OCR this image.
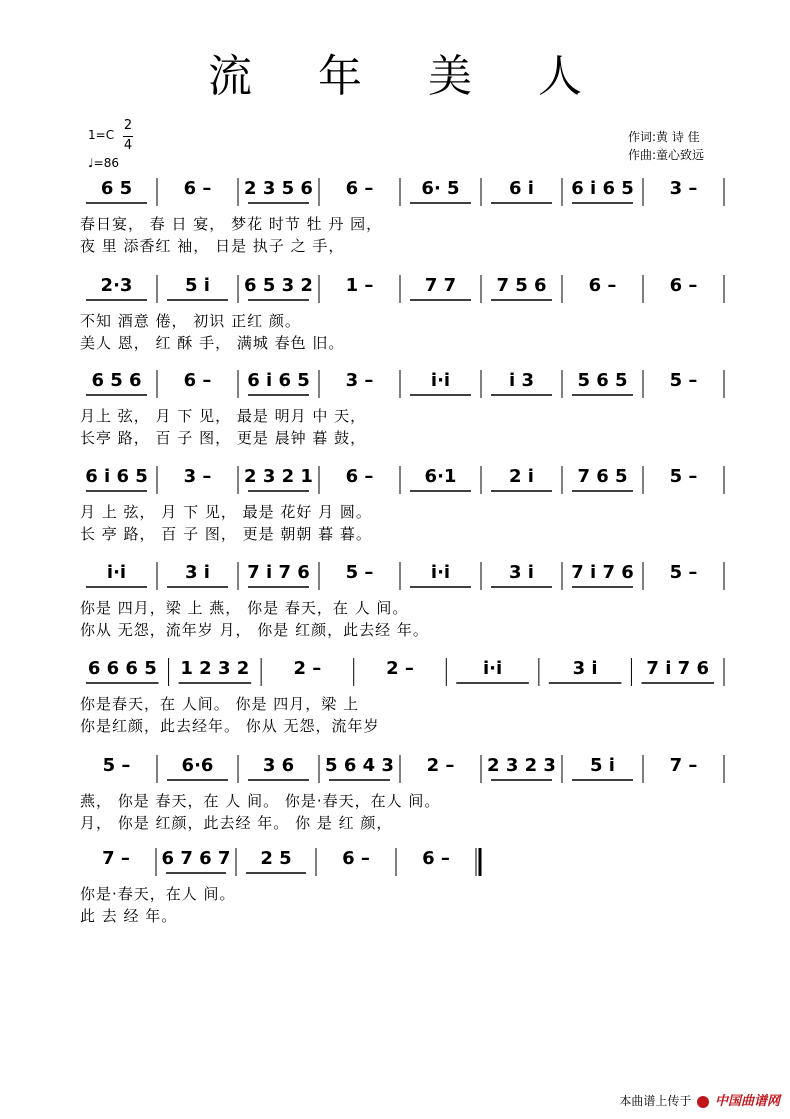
流 年 美 人
1=C
2
4
♩=86
作词:黄 诗 佳
作曲:童心致远
6 5	6 –	2 3 5 6	6 –	6· 5	6 i	6 i 6 5	3 –
春日宴， 春 日 宴， 梦花 时节 牡 丹 园，
夜 里 添香红 袖， 日是 执子 之 手，
2·3	5 i	6 5 3 2	1 –	7 7	7 5 6	6 –	6 –
不知 酒意 倦， 初识 正红 颜。
美人 恩， 红 酥 手， 满城 春色 旧。
6 5 6	6 –	6 i 6 5	3 –	i·i	i 3	5 6 5	5 –
月上 弦， 月 下 见， 最是 明月 中 天，
长亭 路， 百 子 图， 更是 晨钟 暮 鼓，
6 i 6 5	3 –	2 3 2 1	6 –	6·1	2 i	7 6 5	5 –
月 上 弦， 月 下 见， 最是 花好 月 圆。
长 亭 路， 百 子 图， 更是 朝朝 暮 暮。
i·i	3 i	7 i 7 6	5 –	i·i	3 i	7 i 7 6	5 –
你是 四月，梁 上 燕， 你是 春天，在 人 间。
你从 无怨，流年岁 月， 你是 红颜，此去经 年。
6 6 6 5	1 2 3 2	2 –	2 –	i·i	3 i	7 i 7 6
你是春天，在 人间。 你是 四月，梁 上
你是红颜，此去经年。 你从 无怨，流年岁
5 –	6·6	3 6	5 6 4 3	2 –	2 3 2 3	5 i	7 –
燕， 你是 春天，在 人 间。 你是·春天，在人 间。
月， 你是 红颜，此去经 年。 你 是 红 颜，
7 –	6 7 6 7	2 5	6 –	6 –
你是·春天，在人 间。
此 去 经 年。
本曲谱上传于 中国曲谱网
